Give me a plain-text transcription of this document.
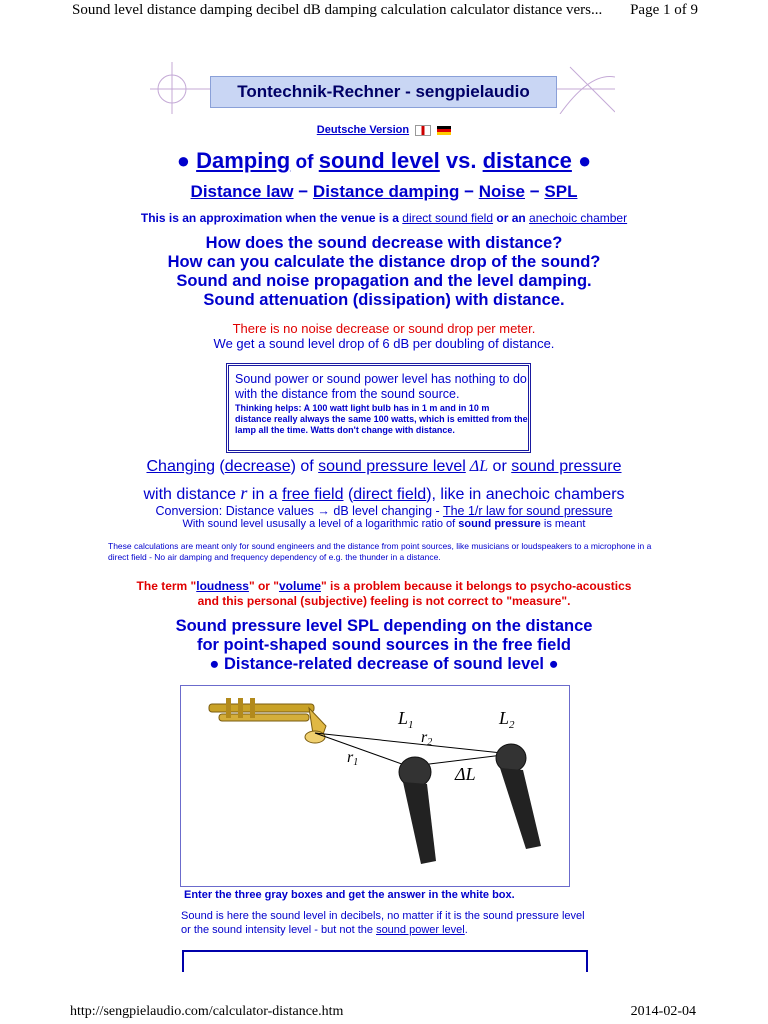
Sound level distance damping decibel dB damping calculation calculator distance vers... Page 1 of 9
Tontechnik-Rechner - sengpielaudio
Deutsche Version
● Damping of sound level vs. distance ●
Distance law − Distance damping − Noise − SPL
This is an approximation when the venue is a direct sound field or an anechoic chamber
How does the sound decrease with distance?
How can you calculate the distance drop of the sound?
Sound and noise propagation and the level damping.
Sound attenuation (dissipation) with distance.
There is no noise decrease or sound drop per meter.
We get a sound level drop of 6 dB per doubling of distance.
Sound power or sound power level has nothing to do with the distance from the sound source.
Thinking helps: A 100 watt light bulb has in 1 m and in 10 m distance really always the same 100 watts, which is emitted from the lamp all the time. Watts don't change with distance.
Changing (decrease) of sound pressure level ΔL or sound pressure
with distance r in a free field (direct field), like in anechoic chambers
Conversion: Distance values → dB level changing - The 1/r law for sound pressure
With sound level ususally a level of a logarithmic ratio of sound pressure is meant
These calculations are meant only for sound engineers and the distance from point sources, like musicians or loudspeakers to a microphone in a direct field - No air damping and frequency dependency of e.g. the thunder in a distance.
The term "loudness" or "volume" is a problem because it belongs to psycho-acoustics and this personal (subjective) feeling is not correct to "measure".
Sound pressure level SPL depending on the distance
for point-shaped sound sources in the free field
● Distance-related decrease of sound level ●
$L_1$	$L_2$
r2
r1
ΔL
Enter the three gray boxes and get the answer in the white box.
Sound is here the sound level in decibels, no matter if it is the sound pressure level or the sound intensity level - but not the sound power level.
http://sengpielaudio.com/calculator-distance.htm	2014-02-04
